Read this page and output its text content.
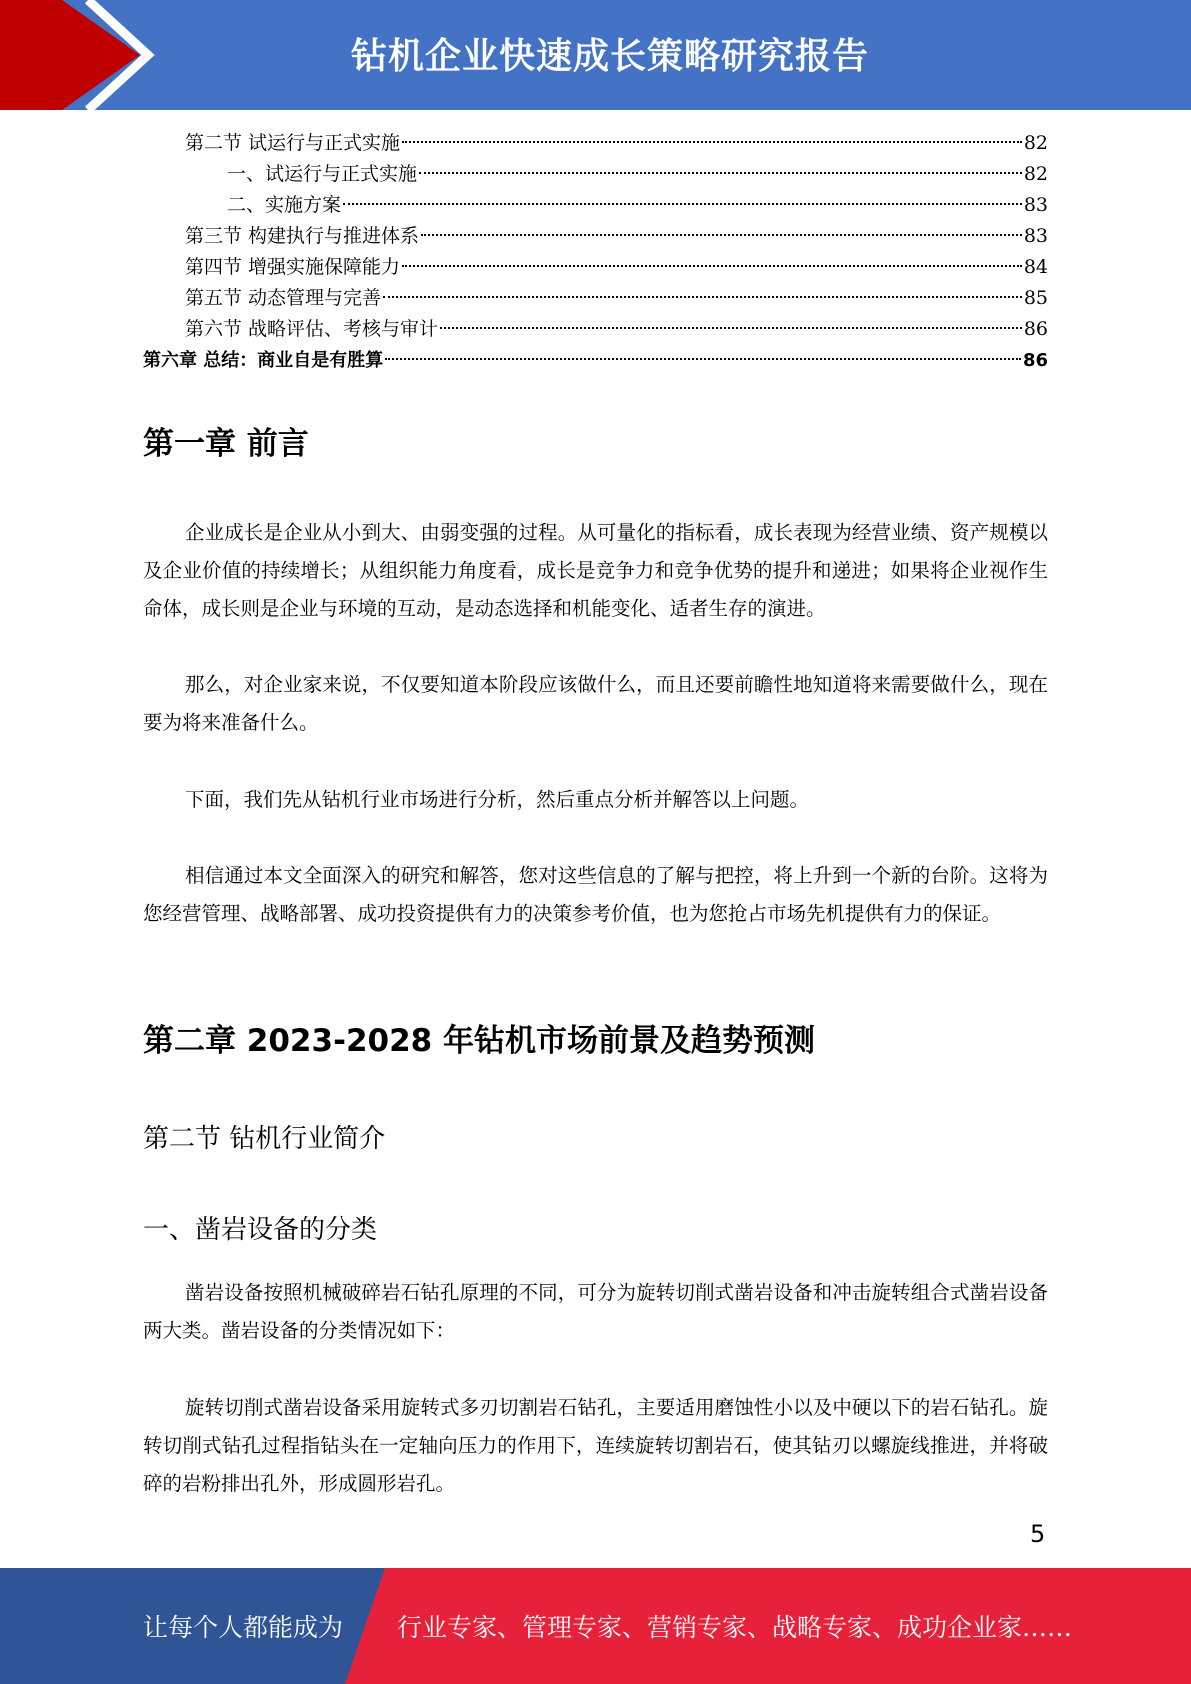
钻机企业快速成长策略研究报告
第二节 试运行与正式实施	82
一、试运行与正式实施	82
二、实施方案	83
第三节 构建执行与推进体系	83
第四节 增强实施保障能力	84
第五节 动态管理与完善	85
第六节 战略评估、考核与审计	86
第六章 总结：商业自是有胜算	86
第一章 前言

企业成长是企业从小到大、由弱变强的过程。从可量化的指标看，成长表现为经营业绩、资产规模以及企业价值的持续增长；从组织能力角度看，成长是竞争力和竞争优势的提升和递进；如果将企业视作生命体，成长则是企业与环境的互动，是动态选择和机能变化、适者生存的演进。

那么，对企业家来说，不仅要知道本阶段应该做什么，而且还要前瞻性地知道将来需要做什么，现在要为将来准备什么。

下面，我们先从钻机行业市场进行分析，然后重点分析并解答以上问题。

相信通过本文全面深入的研究和解答，您对这些信息的了解与把控，将上升到一个新的台阶。这将为您经营管理、战略部署、成功投资提供有力的决策参考价值，也为您抢占市场先机提供有力的保证。

第二章 2023-2028 年钻机市场前景及趋势预测
第二节 钻机行业简介
一、凿岩设备的分类

凿岩设备按照机械破碎岩石钻孔原理的不同，可分为旋转切削式凿岩设备和冲击旋转组合式凿岩设备两大类。凿岩设备的分类情况如下：

旋转切削式凿岩设备采用旋转式多刃切割岩石钻孔，主要适用磨蚀性小以及中硬以下的岩石钻孔。旋转切削式钻孔过程指钻头在一定轴向压力的作用下，连续旋转切割岩石，使其钻刃以螺旋线推进，并将破碎的岩粉排出孔外，形成圆形岩孔。

5
让每个人都能成为 行业专家、管理专家、营销专家、战略专家、成功企业家……
